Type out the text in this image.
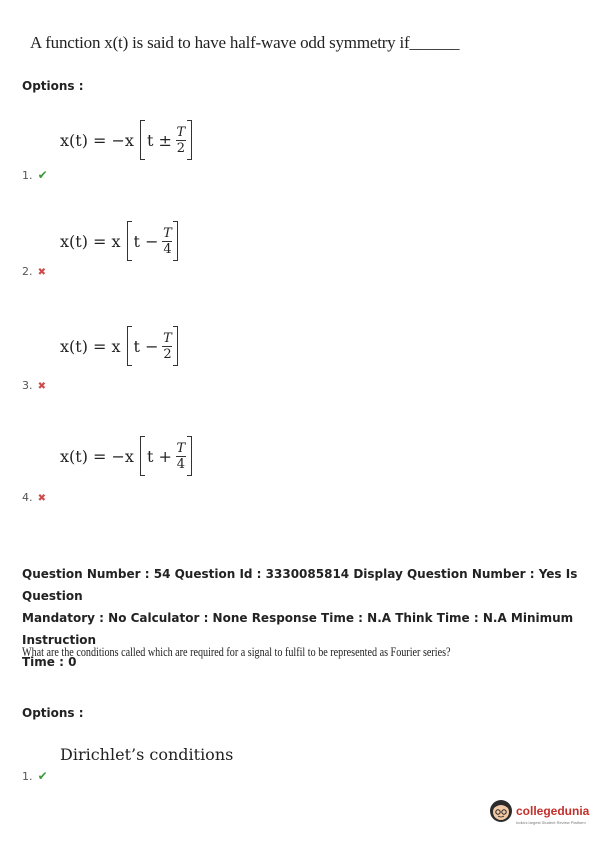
A function x(t) is said to have half-wave odd symmetry if______
Options :
x(t) = −x $t \pm \frac{T}{2}$
1. ✔
x(t) = x $t - \frac{T}{4}$
2. ✖
x(t) = x $t - \frac{T}{2}$
3. ✖
x(t) = −x $t + \frac{T}{4}$
4. ✖
Question Number : 54 Question Id : 3330085814 Display Question Number : Yes Is Question
Mandatory : No Calculator : None Response Time : N.A Think Time : N.A Minimum Instruction
Time : 0
What are the conditions called which are required for a signal to fulfil to be represented as Fourier series?
Options :
Dirichlet’s conditions
1. ✔
collegedunia
India's largest Student Review Platform
